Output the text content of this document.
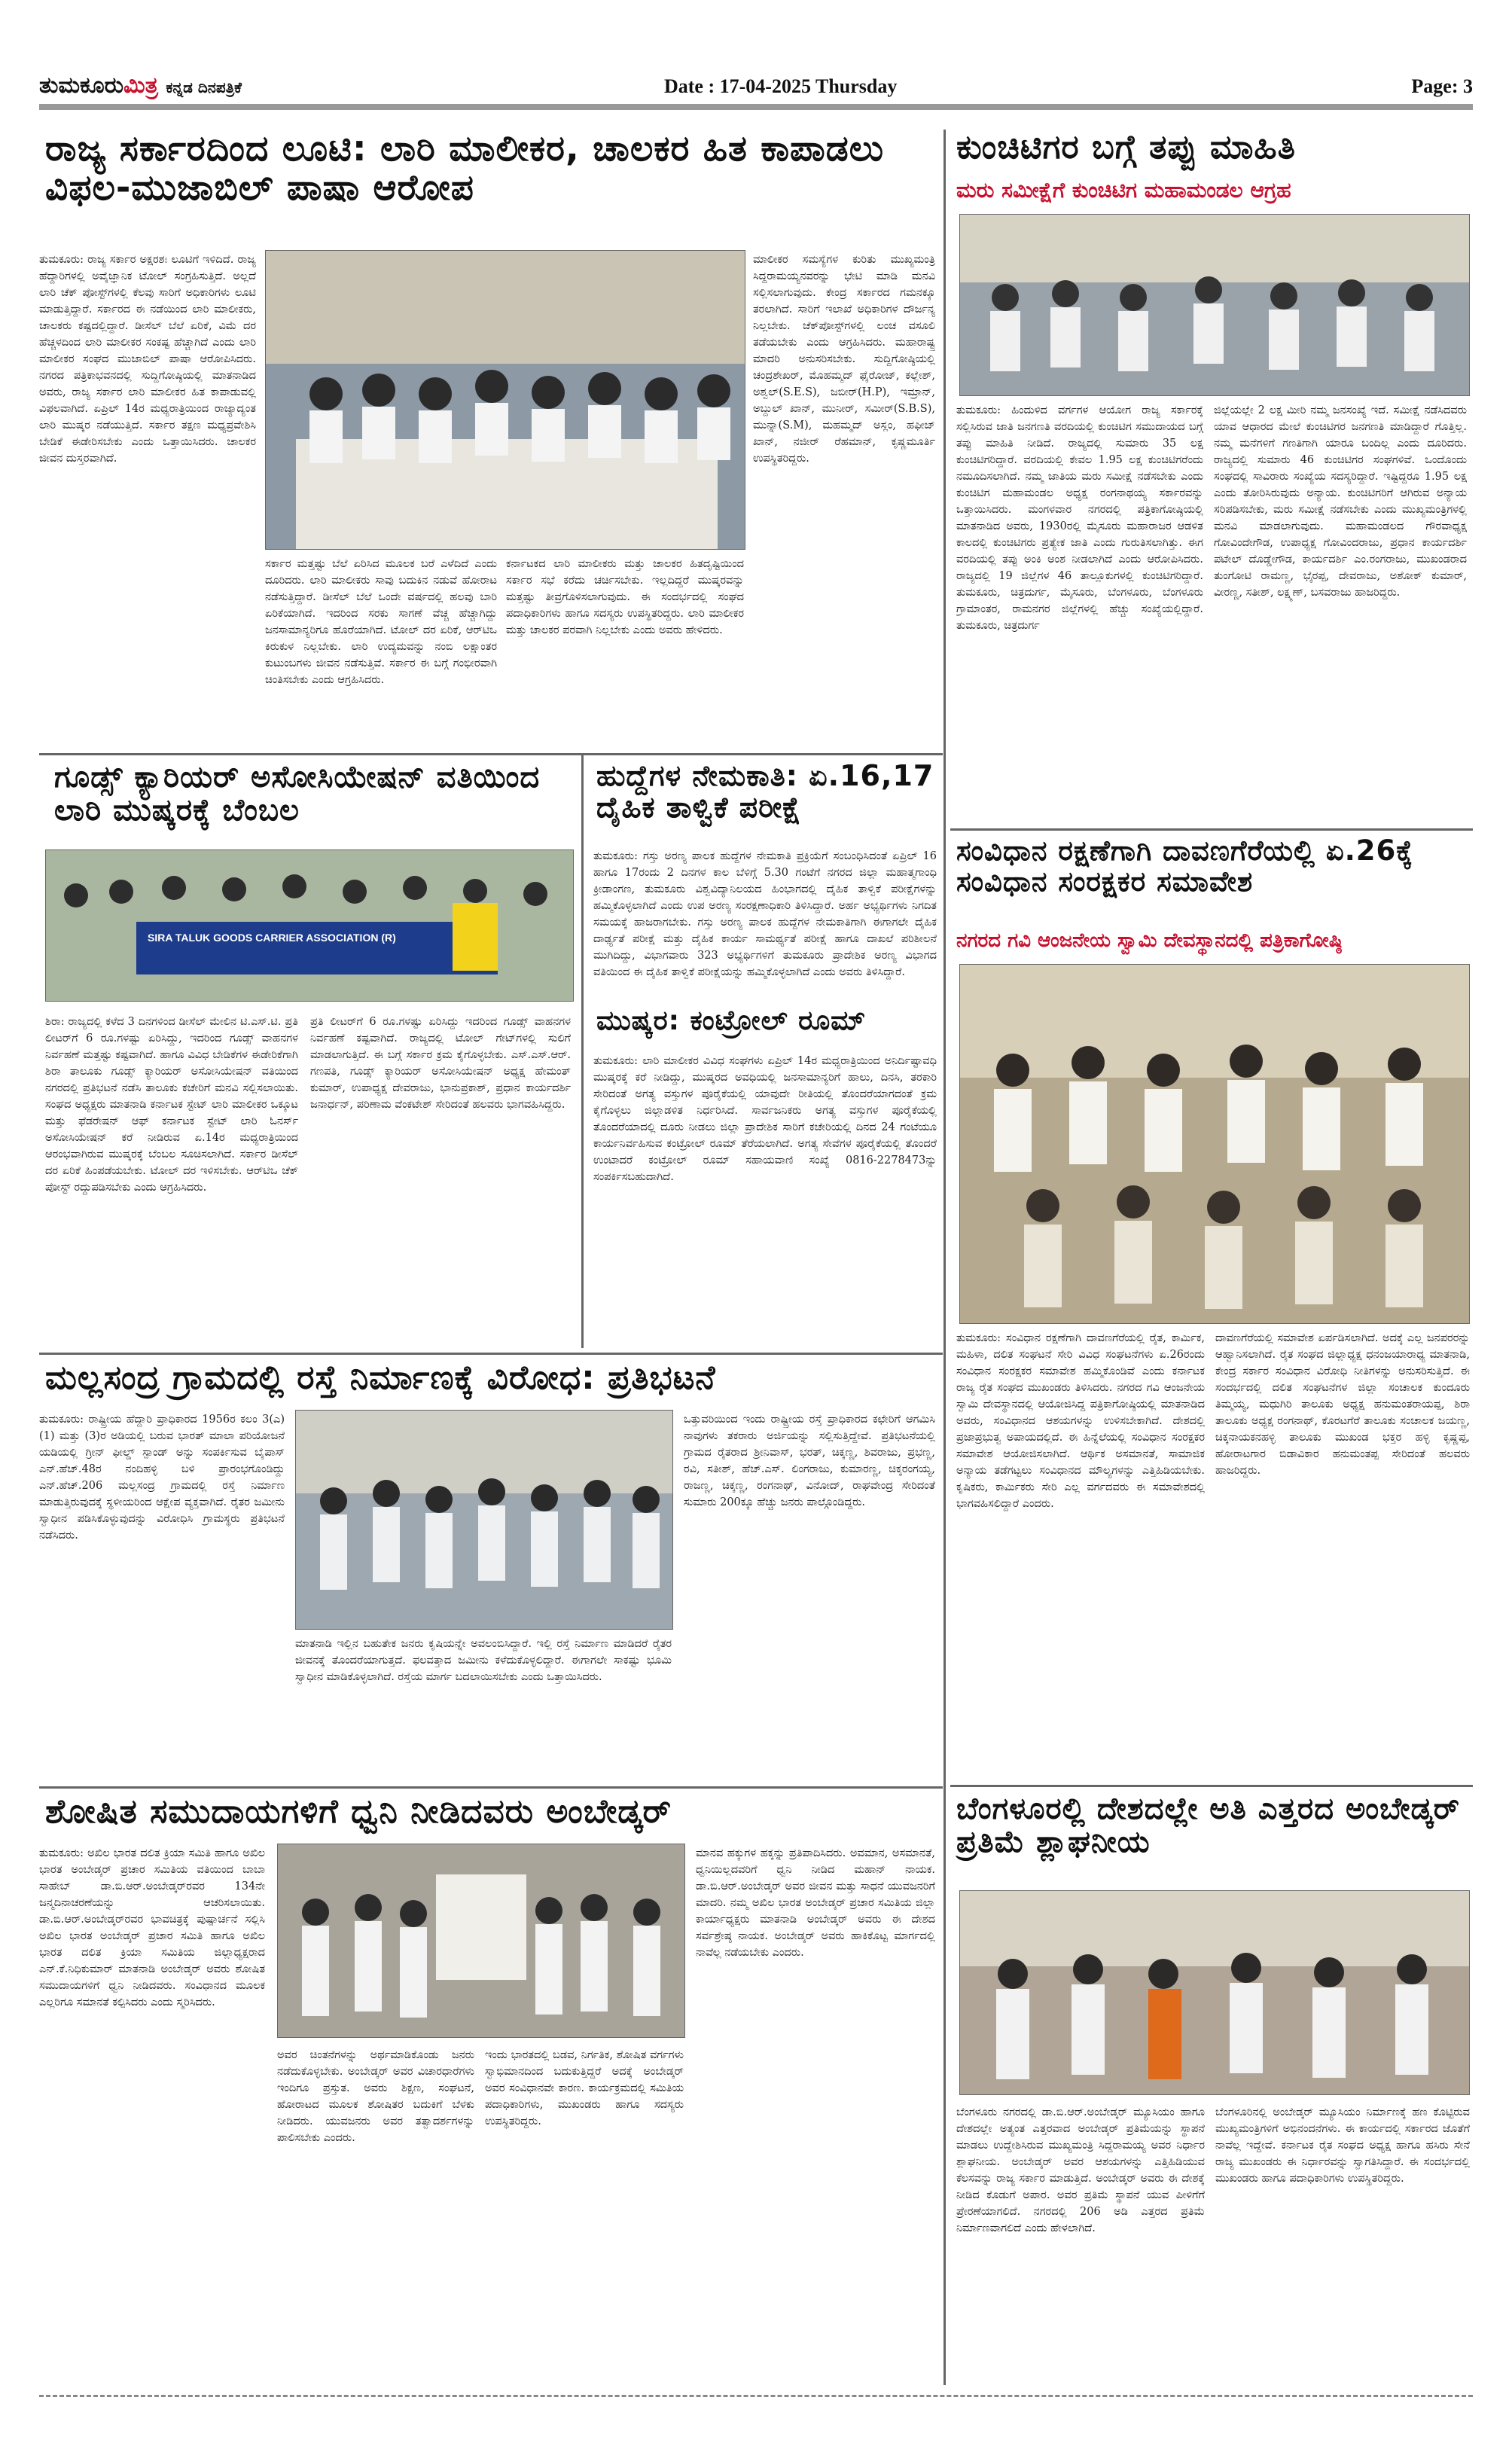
ತುಮಕೂರುಮಿತ್ರ ಕನ್ನಡ ದಿನಪತ್ರಿಕೆ	Date : 17-04-2025 Thursday	Page: 3
ರಾಜ್ಯ ಸರ್ಕಾರದಿಂದ ಲೂಟಿ: ಲಾರಿ ಮಾಲೀಕರ, ಚಾಲಕರ ಹಿತ ಕಾಪಾಡಲು ವಿಫಲ-ಮುಜಾಬಿಲ್ ಪಾಷಾ ಆರೋಪ
ತುಮಕೂರು: ರಾಜ್ಯ ಸರ್ಕಾರ ಅಕ್ಷರಶಃ ಲೂಟಿಗೆ ಇಳಿದಿದೆ. ರಾಜ್ಯ ಹೆದ್ದಾರಿಗಳಲ್ಲಿ ಅವೈಜ್ಞಾನಿಕ ಟೋಲ್ ಸಂಗ್ರಹಿಸುತ್ತಿದೆ. ಅಲ್ಲದೆ ಲಾರಿ ಚೆಕ್ ಪೋಸ್ಟ್‌ಗಳಲ್ಲಿ ಕೆಲವು ಸಾರಿಗೆ ಅಧಿಕಾರಿಗಳು ಲೂಟಿ ಮಾಡುತ್ತಿದ್ದಾರೆ. ಸರ್ಕಾರದ ಈ ನಡೆಯಿಂದ ಲಾರಿ ಮಾಲೀಕರು, ಚಾಲಕರು ಕಷ್ಟದಲ್ಲಿದ್ದಾರೆ. ಡೀಸೆಲ್ ಬೆಲೆ ಏರಿಕೆ, ವಿಮೆ ದರ ಹೆಚ್ಚಳದಿಂದ ಲಾರಿ ಮಾಲೀಕರ ಸಂಕಷ್ಟ ಹೆಚ್ಚಾಗಿದೆ ಎಂದು ಲಾರಿ ಮಾಲೀಕರ ಸಂಘದ ಮುಜಾಬಿಲ್ ಪಾಷಾ ಆರೋಪಿಸಿದರು. ನಗರದ ಪತ್ರಿಕಾಭವನದಲ್ಲಿ ಸುದ್ದಿಗೋಷ್ಠಿಯಲ್ಲಿ ಮಾತನಾಡಿದ ಅವರು, ರಾಜ್ಯ ಸರ್ಕಾರ ಲಾರಿ ಮಾಲೀಕರ ಹಿತ ಕಾಪಾಡುವಲ್ಲಿ ವಿಫಲವಾಗಿದೆ. ಏಪ್ರಿಲ್ 14ರ ಮಧ್ಯರಾತ್ರಿಯಿಂದ ರಾಜ್ಯಾದ್ಯಂತ ಲಾರಿ ಮುಷ್ಕರ ನಡೆಯುತ್ತಿದೆ. ಸರ್ಕಾರ ತಕ್ಷಣ ಮಧ್ಯಪ್ರವೇಶಿಸಿ ಬೇಡಿಕೆ ಈಡೇರಿಸಬೇಕು ಎಂದು ಒತ್ತಾಯಿಸಿದರು. ಚಾಲಕರ ಜೀವನ ದುಸ್ತರವಾಗಿದೆ.
ಸರ್ಕಾರ ಮತ್ತಷ್ಟು ಬೆಲೆ ಏರಿಸಿದ ಮೂಲಕ ಬರೆ ಎಳೆದಿದೆ ಎಂದು ದೂರಿದರು. ಲಾರಿ ಮಾಲೀಕರು ಸಾವು ಬದುಕಿನ ನಡುವೆ ಹೋರಾಟ ನಡೆಸುತ್ತಿದ್ದಾರೆ. ಡೀಸೆಲ್ ಬೆಲೆ ಒಂದೇ ವರ್ಷದಲ್ಲಿ ಹಲವು ಬಾರಿ ಏರಿಕೆಯಾಗಿದೆ. ಇದರಿಂದ ಸರಕು ಸಾಗಣೆ ವೆಚ್ಚ ಹೆಚ್ಚಾಗಿದ್ದು ಜನಸಾಮಾನ್ಯರಿಗೂ ಹೊರೆಯಾಗಿದೆ. ಟೋಲ್ ದರ ಏರಿಕೆ, ಆರ್‌ಟಿಒ ಕಿರುಕುಳ ನಿಲ್ಲಬೇಕು. ಲಾರಿ ಉದ್ಯಮವನ್ನು ನಂಬಿ ಲಕ್ಷಾಂತರ ಕುಟುಂಬಗಳು ಜೀವನ ನಡೆಸುತ್ತಿವೆ. ಸರ್ಕಾರ ಈ ಬಗ್ಗೆ ಗಂಭೀರವಾಗಿ ಚಿಂತಿಸಬೇಕು ಎಂದು ಆಗ್ರಹಿಸಿದರು.
ಕರ್ನಾಟಕದ ಲಾರಿ ಮಾಲೀಕರು ಮತ್ತು ಚಾಲಕರ ಹಿತದೃಷ್ಟಿಯಿಂದ ಸರ್ಕಾರ ಸಭೆ ಕರೆದು ಚರ್ಚಿಸಬೇಕು. ಇಲ್ಲದಿದ್ದರೆ ಮುಷ್ಕರವನ್ನು ಮತ್ತಷ್ಟು ತೀವ್ರಗೊಳಿಸಲಾಗುವುದು. ಈ ಸಂದರ್ಭದಲ್ಲಿ ಸಂಘದ ಪದಾಧಿಕಾರಿಗಳು ಹಾಗೂ ಸದಸ್ಯರು ಉಪಸ್ಥಿತರಿದ್ದರು. ಲಾರಿ ಮಾಲೀಕರ ಮತ್ತು ಚಾಲಕರ ಪರವಾಗಿ ನಿಲ್ಲಬೇಕು ಎಂದು ಅವರು ಹೇಳಿದರು.
ಮಾಲೀಕರ ಸಮಸ್ಯೆಗಳ ಕುರಿತು ಮುಖ್ಯಮಂತ್ರಿ ಸಿದ್ದರಾಮಯ್ಯನವರನ್ನು ಭೇಟಿ ಮಾಡಿ ಮನವಿ ಸಲ್ಲಿಸಲಾಗುವುದು. ಕೇಂದ್ರ ಸರ್ಕಾರದ ಗಮನಕ್ಕೂ ತರಲಾಗಿದೆ. ಸಾರಿಗೆ ಇಲಾಖೆ ಅಧಿಕಾರಿಗಳ ದೌರ್ಜನ್ಯ ನಿಲ್ಲಬೇಕು. ಚೆಕ್‌ಪೋಸ್ಟ್‌ಗಳಲ್ಲಿ ಲಂಚ ವಸೂಲಿ ತಡೆಯಬೇಕು ಎಂದು ಆಗ್ರಹಿಸಿದರು. ಮಹಾರಾಷ್ಟ್ರ ಮಾದರಿ ಅನುಸರಿಸಬೇಕು. ಸುದ್ದಿಗೋಷ್ಠಿಯಲ್ಲಿ ಚಂದ್ರಶೇಖರ್, ಮೊಹಮ್ಮದ್ ಫೈರೋಜ್, ಕಲ್ಲೇಶ್, ಅಶ್ವಲ್(S.E.S), ಜಬೀರ್(H.P), ಇಮ್ರಾನ್, ಅಬ್ದುಲ್ ಖಾನ್, ಮುನೀರ್, ಸಮೀರ್(S.B.S), ಮುನ್ನಾ(S.M), ಮಹಮ್ಮದ್ ಅಸ್ಲಂ, ಹಫೀಜ್ ಖಾನ್, ನಜೀರ್ ರೆಹಮಾನ್, ಕೃಷ್ಣಮೂರ್ತಿ ಉಪಸ್ಥಿತರಿದ್ದರು.
ಕುಂಚಿಟಿಗರ ಬಗ್ಗೆ ತಪ್ಪು ಮಾಹಿತಿ
ಮರು ಸಮೀಕ್ಷೆಗೆ ಕುಂಚಿಟಿಗ ಮಹಾಮಂಡಲ ಆಗ್ರಹ
ತುಮಕೂರು: ಹಿಂದುಳಿದ ವರ್ಗಗಳ ಆಯೋಗ ರಾಜ್ಯ ಸರ್ಕಾರಕ್ಕೆ ಸಲ್ಲಿಸಿರುವ ಜಾತಿ ಜನಗಣತಿ ವರದಿಯಲ್ಲಿ ಕುಂಚಿಟಿಗ ಸಮುದಾಯದ ಬಗ್ಗೆ ತಪ್ಪು ಮಾಹಿತಿ ನೀಡಿದೆ. ರಾಜ್ಯದಲ್ಲಿ ಸುಮಾರು 35 ಲಕ್ಷ ಕುಂಚಿಟಿಗರಿದ್ದಾರೆ. ವರದಿಯಲ್ಲಿ ಕೇವಲ 1.95 ಲಕ್ಷ ಕುಂಚಿಟಿಗರೆಂದು ನಮೂದಿಸಲಾಗಿದೆ. ನಮ್ಮ ಜಾತಿಯ ಮರು ಸಮೀಕ್ಷೆ ನಡೆಸಬೇಕು ಎಂದು ಕುಂಚಿಟಿಗ ಮಹಾಮಂಡಲ ಅಧ್ಯಕ್ಷ ರಂಗನಾಥಯ್ಯ ಸರ್ಕಾರವನ್ನು ಒತ್ತಾಯಿಸಿದರು. ಮಂಗಳವಾರ ನಗರದಲ್ಲಿ ಪತ್ರಿಕಾಗೋಷ್ಠಿಯಲ್ಲಿ ಮಾತನಾಡಿದ ಅವರು, 1930ರಲ್ಲಿ ಮೈಸೂರು ಮಹಾರಾಜರ ಆಡಳಿತ ಕಾಲದಲ್ಲಿ ಕುಂಚಿಟಿಗರು ಪ್ರತ್ಯೇಕ ಜಾತಿ ಎಂದು ಗುರುತಿಸಲಾಗಿತ್ತು. ಈಗ ವರದಿಯಲ್ಲಿ ತಪ್ಪು ಅಂಕಿ ಅಂಶ ನೀಡಲಾಗಿದೆ ಎಂದು ಆರೋಪಿಸಿದರು. ರಾಜ್ಯದಲ್ಲಿ 19 ಜಿಲ್ಲೆಗಳ 46 ತಾಲ್ಲೂಕುಗಳಲ್ಲಿ ಕುಂಚಿಟಿಗರಿದ್ದಾರೆ. ತುಮಕೂರು, ಚಿತ್ರದುರ್ಗ, ಮೈಸೂರು, ಬೆಂಗಳೂರು, ಬೆಂಗಳೂರು ಗ್ರಾಮಾಂತರ, ರಾಮನಗರ ಜಿಲ್ಲೆಗಳಲ್ಲಿ ಹೆಚ್ಚು ಸಂಖ್ಯೆಯಲ್ಲಿದ್ದಾರೆ. ತುಮಕೂರು, ಚಿತ್ರದುರ್ಗ
ಜಿಲ್ಲೆಯಲ್ಲೇ 2 ಲಕ್ಷ ಮೀರಿ ನಮ್ಮ ಜನಸಂಖ್ಯೆ ಇದೆ. ಸಮೀಕ್ಷೆ ನಡೆಸಿದವರು ಯಾವ ಆಧಾರದ ಮೇಲೆ ಕುಂಚಿಟಿಗರ ಜನಗಣತಿ ಮಾಡಿದ್ದಾರೆ ಗೊತ್ತಿಲ್ಲ. ನಮ್ಮ ಮನೆಗಳಿಗೆ ಗಣತಿಗಾಗಿ ಯಾರೂ ಬಂದಿಲ್ಲ ಎಂದು ದೂರಿದರು. ರಾಜ್ಯದಲ್ಲಿ ಸುಮಾರು 46 ಕುಂಚಿಟಿಗರ ಸಂಘಗಳಿವೆ. ಒಂದೊಂದು ಸಂಘದಲ್ಲಿ ಸಾವಿರಾರು ಸಂಖ್ಯೆಯ ಸದಸ್ಯರಿದ್ದಾರೆ. ಇಷ್ಟಿದ್ದರೂ 1.95 ಲಕ್ಷ ಎಂದು ತೋರಿಸಿರುವುದು ಅನ್ಯಾಯ. ಕುಂಚಿಟಿಗರಿಗೆ ಆಗಿರುವ ಅನ್ಯಾಯ ಸರಿಪಡಿಸಬೇಕು, ಮರು ಸಮೀಕ್ಷೆ ನಡೆಸಬೇಕು ಎಂದು ಮುಖ್ಯಮಂತ್ರಿಗಳಲ್ಲಿ ಮನವಿ ಮಾಡಲಾಗುವುದು. ಮಹಾಮಂಡಲದ ಗೌರವಾಧ್ಯಕ್ಷ ಗೋವಿಂದೇಗೌಡ, ಉಪಾಧ್ಯಕ್ಷ ಗೋವಿಂದರಾಜು, ಪ್ರಧಾನ ಕಾರ್ಯದರ್ಶಿ ಪಟೇಲ್ ದೊಡ್ಡೇಗೌಡ, ಕಾರ್ಯದರ್ಶಿ ಎಂ.ರಂಗರಾಜು, ಮುಖಂಡರಾದ ತುಂಗೋಟಿ ರಾಮಣ್ಣ, ಭೈರಪ್ಪ, ದೇವರಾಜು, ಅಶೋಕ್ ಕುಮಾರ್, ವೀರಣ್ಣ, ಸತೀಶ್, ಲಕ್ಷ್ಮಣ್, ಬಸವರಾಜು ಹಾಜರಿದ್ದರು.
ಗೂಡ್ಸ್ ಕ್ಯಾರಿಯರ್ ಅಸೋಸಿಯೇಷನ್ ವತಿಯಿಂದ ಲಾರಿ ಮುಷ್ಕರಕ್ಕೆ ಬೆಂಬಲ
SIRA TALUK GOODS CARRIER ASSOCIATION (R)
ಶಿರಾ: ರಾಜ್ಯದಲ್ಲಿ ಕಳೆದ 3 ದಿನಗಳಿಂದ ಡೀಸೆಲ್ ಮೇಲಿನ ಟಿ.ಎಸ್.ಟಿ. ಪ್ರತಿ ಲೀಟರ್‌ಗೆ 6 ರೂ.ಗಳಷ್ಟು ಏರಿಸಿದ್ದು, ಇದರಿಂದ ಗೂಡ್ಸ್ ವಾಹನಗಳ ನಿರ್ವಹಣೆ ಮತ್ತಷ್ಟು ಕಷ್ಟವಾಗಿದೆ. ಹಾಗೂ ವಿವಿಧ ಬೇಡಿಕೆಗಳ ಈಡೇರಿಕೆಗಾಗಿ ಶಿರಾ ತಾಲೂಕು ಗೂಡ್ಸ್ ಕ್ಯಾರಿಯರ್ ಅಸೋಸಿಯೇಷನ್ ವತಿಯಿಂದ ನಗರದಲ್ಲಿ ಪ್ರತಿಭಟನೆ ನಡೆಸಿ ತಾಲೂಕು ಕಚೇರಿಗೆ ಮನವಿ ಸಲ್ಲಿಸಲಾಯಿತು. ಸಂಘದ ಅಧ್ಯಕ್ಷರು ಮಾತನಾಡಿ ಕರ್ನಾಟಕ ಸ್ಟೇಟ್ ಲಾರಿ ಮಾಲೀಕರ ಒಕ್ಕೂಟ ಮತ್ತು ಫೆಡರೇಷನ್ ಆಫ್ ಕರ್ನಾಟಕ ಸ್ಟೇಟ್ ಲಾರಿ ಓನರ್ಸ್ ಅಸೋಸಿಯೇಷನ್ ಕರೆ ನೀಡಿರುವ ಏ.14ರ ಮಧ್ಯರಾತ್ರಿಯಿಂದ ಆರಂಭವಾಗಿರುವ ಮುಷ್ಕರಕ್ಕೆ ಬೆಂಬಲ ಸೂಚಿಸಲಾಗಿದೆ. ಸರ್ಕಾರ ಡೀಸೆಲ್ ದರ ಏರಿಕೆ ಹಿಂಪಡೆಯಬೇಕು. ಟೋಲ್ ದರ ಇಳಿಸಬೇಕು. ಆರ್‌ಟಿಒ ಚೆಕ್ ಪೋಸ್ಟ್ ರದ್ದುಪಡಿಸಬೇಕು ಎಂದು ಆಗ್ರಹಿಸಿದರು.
ಪ್ರತಿ ಲೀಟರ್‌ಗೆ 6 ರೂ.ಗಳಷ್ಟು ಏರಿಸಿದ್ದು ಇದರಿಂದ ಗೂಡ್ಸ್ ವಾಹನಗಳ ನಿರ್ವಹಣೆ ಕಷ್ಟವಾಗಿದೆ. ರಾಜ್ಯದಲ್ಲಿ ಟೋಲ್ ಗೇಟ್‌ಗಳಲ್ಲಿ ಸುಲಿಗೆ ಮಾಡಲಾಗುತ್ತಿದೆ. ಈ ಬಗ್ಗೆ ಸರ್ಕಾರ ಕ್ರಮ ಕೈಗೊಳ್ಳಬೇಕು. ಎಸ್.ಎಸ್.ಆರ್. ಗಣಪತಿ, ಗೂಡ್ಸ್ ಕ್ಯಾರಿಯರ್ ಅಸೋಸಿಯೇಷನ್ ಅಧ್ಯಕ್ಷ ಹೇಮಂತ್ ಕುಮಾರ್, ಉಪಾಧ್ಯಕ್ಷ ದೇವರಾಜು, ಭಾನುಪ್ರಕಾಶ್, ಪ್ರಧಾನ ಕಾರ್ಯದರ್ಶಿ ಜನಾರ್ಧನ್, ಪರಿಣಾಮ ವೆಂಕಟೇಶ್ ಸೇರಿದಂತೆ ಹಲವರು ಭಾಗವಹಿಸಿದ್ದರು.
ಹುದ್ದೆಗಳ ನೇಮಕಾತಿ: ಏ.16,17 ದೈಹಿಕ ತಾಳ್ವಿಕೆ ಪರೀಕ್ಷೆ
ತುಮಕೂರು: ಗಸ್ತು ಅರಣ್ಯ ಪಾಲಕ ಹುದ್ದೆಗಳ ನೇಮಕಾತಿ ಪ್ರಕ್ರಿಯೆಗೆ ಸಂಬಂಧಿಸಿದಂತೆ ಏಪ್ರಿಲ್ 16 ಹಾಗೂ 17ರಂದು 2 ದಿನಗಳ ಕಾಲ ಬೆಳಿಗ್ಗೆ 5.30 ಗಂಟೆಗೆ ನಗರದ ಜಿಲ್ಲಾ ಮಹಾತ್ಮಗಾಂಧಿ ಕ್ರೀಡಾಂಗಣ, ತುಮಕೂರು ವಿಶ್ವವಿದ್ಯಾನಿಲಯದ ಹಿಂಭಾಗದಲ್ಲಿ ದೈಹಿಕ ತಾಳ್ವಿಕೆ ಪರೀಕ್ಷೆಗಳನ್ನು ಹಮ್ಮಿಕೊಳ್ಳಲಾಗಿದೆ ಎಂದು ಉಪ ಅರಣ್ಯ ಸಂರಕ್ಷಣಾಧಿಕಾರಿ ತಿಳಿಸಿದ್ದಾರೆ. ಅರ್ಹ ಅಭ್ಯರ್ಥಿಗಳು ನಿಗದಿತ ಸಮಯಕ್ಕೆ ಹಾಜರಾಗಬೇಕು. ಗಸ್ತು ಅರಣ್ಯ ಪಾಲಕ ಹುದ್ದೆಗಳ ನೇಮಕಾತಿಗಾಗಿ ಈಗಾಗಲೇ ದೈಹಿಕ ದಾರ್ಢ್ಯತೆ ಪರೀಕ್ಷೆ ಮತ್ತು ದೈಹಿಕ ಕಾರ್ಯ ಸಾಮರ್ಥ್ಯತೆ ಪರೀಕ್ಷೆ ಹಾಗೂ ದಾಖಲೆ ಪರಿಶೀಲನೆ ಮುಗಿದಿದ್ದು, ವಿಭಾಗವಾರು 323 ಅಭ್ಯರ್ಥಿಗಳಿಗೆ ತುಮಕೂರು ಪ್ರಾದೇಶಿಕ ಅರಣ್ಯ ವಿಭಾಗದ ವತಿಯಿಂದ ಈ ದೈಹಿಕ ತಾಳ್ವಿಕೆ ಪರೀಕ್ಷೆಯನ್ನು ಹಮ್ಮಿಕೊಳ್ಳಲಾಗಿದೆ ಎಂದು ಅವರು ತಿಳಿಸಿದ್ದಾರೆ.
ಮುಷ್ಕರ: ಕಂಟ್ರೋಲ್ ರೂಮ್
ತುಮಕೂರು: ಲಾರಿ ಮಾಲೀಕರ ವಿವಿಧ ಸಂಘಗಳು ಏಪ್ರಿಲ್ 14ರ ಮಧ್ಯರಾತ್ರಿಯಿಂದ ಅನಿರ್ದಿಷ್ಟಾವಧಿ ಮುಷ್ಕರಕ್ಕೆ ಕರೆ ನೀಡಿದ್ದು, ಮುಷ್ಕರದ ಅವಧಿಯಲ್ಲಿ ಜನಸಾಮಾನ್ಯರಿಗೆ ಹಾಲು, ದಿನಸಿ, ತರಕಾರಿ ಸೇರಿದಂತೆ ಅಗತ್ಯ ವಸ್ತುಗಳ ಪೂರೈಕೆಯಲ್ಲಿ ಯಾವುದೇ ರೀತಿಯಲ್ಲಿ ತೊಂದರೆಯಾಗದಂತೆ ಕ್ರಮ ಕೈಗೊಳ್ಳಲು ಜಿಲ್ಲಾಡಳಿತ ನಿರ್ಧರಿಸಿದೆ. ಸಾರ್ವಜನಿಕರು ಅಗತ್ಯ ವಸ್ತುಗಳ ಪೂರೈಕೆಯಲ್ಲಿ ತೊಂದರೆಯಾದಲ್ಲಿ ದೂರು ನೀಡಲು ಜಿಲ್ಲಾ ಪ್ರಾದೇಶಿಕ ಸಾರಿಗೆ ಕಚೇರಿಯಲ್ಲಿ ದಿನದ 24 ಗಂಟೆಯೂ ಕಾರ್ಯನಿರ್ವಹಿಸುವ ಕಂಟ್ರೋಲ್ ರೂಮ್ ತೆರೆಯಲಾಗಿದೆ. ಅಗತ್ಯ ಸೇವೆಗಳ ಪೂರೈಕೆಯಲ್ಲಿ ತೊಂದರೆ ಉಂಟಾದರೆ ಕಂಟ್ರೋಲ್ ರೂಮ್ ಸಹಾಯವಾಣಿ ಸಂಖ್ಯೆ 0816-2278473ನ್ನು ಸಂಪರ್ಕಿಸಬಹುದಾಗಿದೆ.
ಸಂವಿಧಾನ ರಕ್ಷಣೆಗಾಗಿ ದಾವಣಗೆರೆಯಲ್ಲಿ ಏ.26ಕ್ಕೆ ಸಂವಿಧಾನ ಸಂರಕ್ಷಕರ ಸಮಾವೇಶ
ನಗರದ ಗವಿ ಆಂಜನೇಯ ಸ್ವಾಮಿ ದೇವಸ್ಥಾನದಲ್ಲಿ ಪತ್ರಿಕಾಗೋಷ್ಠಿ
ತುಮಕೂರು: ಸಂವಿಧಾನ ರಕ್ಷಣೆಗಾಗಿ ದಾವಣಗೆರೆಯಲ್ಲಿ ರೈತ, ಕಾರ್ಮಿಕ, ಮಹಿಳಾ, ದಲಿತ ಸಂಘಟನೆ ಸೇರಿ ವಿವಿಧ ಸಂಘಟನೆಗಳು ಏ.26ರಂದು ಸಂವಿಧಾನ ಸಂರಕ್ಷಕರ ಸಮಾವೇಶ ಹಮ್ಮಿಕೊಂಡಿವೆ ಎಂದು ಕರ್ನಾಟಕ ರಾಜ್ಯ ರೈತ ಸಂಘದ ಮುಖಂಡರು ತಿಳಿಸಿದರು. ನಗರದ ಗವಿ ಆಂಜನೇಯ ಸ್ವಾಮಿ ದೇವಸ್ಥಾನದಲ್ಲಿ ಆಯೋಜಿಸಿದ್ದ ಪತ್ರಿಕಾಗೋಷ್ಠಿಯಲ್ಲಿ ಮಾತನಾಡಿದ ಅವರು, ಸಂವಿಧಾನದ ಆಶಯಗಳನ್ನು ಉಳಿಸಬೇಕಾಗಿದೆ. ದೇಶದಲ್ಲಿ ಪ್ರಜಾಪ್ರಭುತ್ವ ಅಪಾಯದಲ್ಲಿದೆ. ಈ ಹಿನ್ನೆಲೆಯಲ್ಲಿ ಸಂವಿಧಾನ ಸಂರಕ್ಷಕರ ಸಮಾವೇಶ ಆಯೋಜಿಸಲಾಗಿದೆ. ಆರ್ಥಿಕ ಅಸಮಾನತೆ, ಸಾಮಾಜಿಕ ಅನ್ಯಾಯ ತಡೆಗಟ್ಟಲು ಸಂವಿಧಾನದ ಮೌಲ್ಯಗಳನ್ನು ಎತ್ತಿಹಿಡಿಯಬೇಕು. ಕೃಷಿಕರು, ಕಾರ್ಮಿಕರು ಸೇರಿ ಎಲ್ಲ ವರ್ಗದವರು ಈ ಸಮಾವೇಶದಲ್ಲಿ ಭಾಗವಹಿಸಲಿದ್ದಾರೆ ಎಂದರು.
ದಾವಣಗೆರೆಯಲ್ಲಿ ಸಮಾವೇಶ ಏರ್ಪಡಿಸಲಾಗಿದೆ. ಅದಕ್ಕೆ ಎಲ್ಲ ಜನಪರರನ್ನು ಆಹ್ವಾನಿಸಲಾಗಿದೆ. ರೈತ ಸಂಘದ ಜಿಲ್ಲಾಧ್ಯಕ್ಷ ಧನಂಜಯಾರಾಧ್ಯ ಮಾತನಾಡಿ, ಕೇಂದ್ರ ಸರ್ಕಾರ ಸಂವಿಧಾನ ವಿರೋಧಿ ನೀತಿಗಳನ್ನು ಅನುಸರಿಸುತ್ತಿದೆ. ಈ ಸಂದರ್ಭದಲ್ಲಿ ದಲಿತ ಸಂಘಟನೆಗಳ ಜಿಲ್ಲಾ ಸಂಚಾಲಕ ಕುಂದೂರು ತಿಮ್ಮಯ್ಯ, ಮಧುಗಿರಿ ತಾಲೂಕು ಅಧ್ಯಕ್ಷ ಹನುಮಂತರಾಯಪ್ಪ, ಶಿರಾ ತಾಲೂಕು ಅಧ್ಯಕ್ಷ ರಂಗನಾಥ್, ಕೊರಟಗೆರೆ ತಾಲೂಕು ಸಂಚಾಲಕ ಜಯಣ್ಣ, ಚಿಕ್ಕನಾಯಕನಹಳ್ಳಿ ತಾಲೂಕು ಮುಖಂಡ ಭಕ್ತರ ಹಳ್ಳಿ ಕೃಷ್ಣಪ್ಪ, ಹೋರಾಟಗಾರ ಬಿಡಾವಿಕಾರ ಹನುಮಂತಪ್ಪ ಸೇರಿದಂತೆ ಹಲವರು ಹಾಜರಿದ್ದರು.
ಮಲ್ಲಸಂದ್ರ ಗ್ರಾಮದಲ್ಲಿ ರಸ್ತೆ ನಿರ್ಮಾಣಕ್ಕೆ ವಿರೋಧ: ಪ್ರತಿಭಟನೆ
ತುಮಕೂರು: ರಾಷ್ಟ್ರೀಯ ಹೆದ್ದಾರಿ ಪ್ರಾಧಿಕಾರದ 1956ರ ಕಲಂ 3(ಎ)(1) ಮತ್ತು (3)ರ ಅಡಿಯಲ್ಲಿ ಬರುವ ಭಾರತ್ ಮಾಲಾ ಪರಿಯೋಜನೆ ಯಡಿಯಲ್ಲಿ ಗ್ರೀನ್ ಫೀಲ್ಡ್ ಸ್ಪಾಂಡ್ ಅನ್ನು ಸಂಪರ್ಕಿಸುವ ಬೈಪಾಸ್ ಎನ್.ಹೆಚ್.48ರ ನಂದಿಹಳ್ಳಿ ಬಳಿ ಪ್ರಾರಂಭಗೊಂಡಿದ್ದು ಎನ್.ಹೆಚ್.206 ಮಲ್ಲಸಂದ್ರ ಗ್ರಾಮದಲ್ಲಿ ರಸ್ತೆ ನಿರ್ಮಾಣ ಮಾಡುತ್ತಿರುವುದಕ್ಕೆ ಸ್ಥಳೀಯರಿಂದ ಆಕ್ಷೇಪ ವ್ಯಕ್ತವಾಗಿದೆ. ರೈತರ ಜಮೀನು ಸ್ವಾಧೀನ ಪಡಿಸಿಕೊಳ್ಳುವುದನ್ನು ವಿರೋಧಿಸಿ ಗ್ರಾಮಸ್ಥರು ಪ್ರತಿಭಟನೆ ನಡೆಸಿದರು.
ಮಾತನಾಡಿ ಇಲ್ಲಿನ ಬಹುತೇಕ ಜನರು ಕೃಷಿಯನ್ನೇ ಅವಲಂಬಿಸಿದ್ದಾರೆ. ಇಲ್ಲಿ ರಸ್ತೆ ನಿರ್ಮಾಣ ಮಾಡಿದರೆ ರೈತರ ಜೀವನಕ್ಕೆ ತೊಂದರೆಯಾಗುತ್ತದೆ. ಫಲವತ್ತಾದ ಜಮೀನು ಕಳೆದುಕೊಳ್ಳಲಿದ್ದಾರೆ. ಈಗಾಗಲೇ ಸಾಕಷ್ಟು ಭೂಮಿ ಸ್ವಾಧೀನ ಮಾಡಿಕೊಳ್ಳಲಾಗಿದೆ. ರಸ್ತೆಯ ಮಾರ್ಗ ಬದಲಾಯಿಸಬೇಕು ಎಂದು ಒತ್ತಾಯಿಸಿದರು.
ಒತ್ತುವರಿಯಿಂದ ಇಂದು ರಾಷ್ಟ್ರೀಯ ರಸ್ತೆ ಪ್ರಾಧಿಕಾರದ ಕಛೇರಿಗೆ ಆಗಮಿಸಿ ನಾವುಗಳು ತಕರಾರು ಅರ್ಜಿಯನ್ನು ಸಲ್ಲಿಸುತ್ತಿದ್ದೇವೆ. ಪ್ರತಿಭಟನೆಯಲ್ಲಿ ಗ್ರಾಮದ ರೈತರಾದ ಶ್ರೀನಿವಾಸ್, ಭರತ್, ಚಿಕ್ಕಣ್ಣ, ಶಿವರಾಜು, ಪ್ರಭಣ್ಣ, ರವಿ, ಸತೀಶ್, ಹೆಚ್.ಎಸ್. ಲಿಂಗರಾಜು, ಕುಮಾರಣ್ಣ, ಚಿಕ್ಕರಂಗಯ್ಯ, ರಾಜಣ್ಣ, ಚಿಕ್ಕಣ್ಣ, ರಂಗನಾಥ್, ವಿನೋದ್, ರಾಘವೇಂದ್ರ ಸೇರಿದಂತೆ ಸುಮಾರು 200ಕ್ಕೂ ಹೆಚ್ಚು ಜನರು ಪಾಲ್ಗೊಂಡಿದ್ದರು.
ಶೋಷಿತ ಸಮುದಾಯಗಳಿಗೆ ಧ್ವನಿ ನೀಡಿದವರು ಅಂಬೇಡ್ಕರ್
ತುಮಕೂರು: ಅಖಿಲ ಭಾರತ ದಲಿತ ಕ್ರಿಯಾ ಸಮಿತಿ ಹಾಗೂ ಅಖಿಲ ಭಾರತ ಅಂಬೇಡ್ಕರ್ ಪ್ರಚಾರ ಸಮಿತಿಯ ವತಿಯಿಂದ ಬಾಬಾ ಸಾಹೇಬ್ ಡಾ.ಬಿ.ಆರ್.ಅಂಬೇಡ್ಕರ್‌ರವರ 134ನೇ ಜನ್ಮದಿನಾಚರಣೆಯನ್ನು ಆಚರಿಸಲಾಯಿತು. ಡಾ.ಬಿ.ಆರ್.ಅಂಬೇಡ್ಕರ್‌ರವರ ಭಾವಚಿತ್ರಕ್ಕೆ ಪುಷ್ಪಾರ್ಚನೆ ಸಲ್ಲಿಸಿ ಅಖಿಲ ಭಾರತ ಅಂಬೇಡ್ಕರ್ ಪ್ರಚಾರ ಸಮಿತಿ ಹಾಗೂ ಅಖಿಲ ಭಾರತ ದಲಿತ ಕ್ರಿಯಾ ಸಮಿತಿಯ ಜಿಲ್ಲಾಧ್ಯಕ್ಷರಾದ ಎನ್.ಕೆ.ನಿಧಿಕುಮಾರ್ ಮಾತನಾಡಿ ಅಂಬೇಡ್ಕರ್ ಅವರು ಶೋಷಿತ ಸಮುದಾಯಗಳಿಗೆ ಧ್ವನಿ ನೀಡಿದವರು. ಸಂವಿಧಾನದ ಮೂಲಕ ಎಲ್ಲರಿಗೂ ಸಮಾನತೆ ಕಲ್ಪಿಸಿದರು ಎಂದು ಸ್ಮರಿಸಿದರು.
ಅವರ ಚಿಂತನೆಗಳನ್ನು ಅರ್ಥಮಾಡಿಕೊಂಡು ಜನರು ನಡೆದುಕೊಳ್ಳಬೇಕು. ಅಂಬೇಡ್ಕರ್ ಅವರ ವಿಚಾರಧಾರೆಗಳು ಇಂದಿಗೂ ಪ್ರಸ್ತುತ. ಅವರು ಶಿಕ್ಷಣ, ಸಂಘಟನೆ, ಹೋರಾಟದ ಮೂಲಕ ಶೋಷಿತರ ಬದುಕಿಗೆ ಬೆಳಕು ನೀಡಿದರು. ಯುವಜನರು ಅವರ ತತ್ವಾದರ್ಶಗಳನ್ನು ಪಾಲಿಸಬೇಕು ಎಂದರು.
ಇಂದು ಭಾರತದಲ್ಲಿ ಬಡವ, ನಿರ್ಗತಿಕ, ಶೋಷಿತ ವರ್ಗಗಳು ಸ್ವಾಭಿಮಾನದಿಂದ ಬದುಕುತ್ತಿದ್ದರೆ ಅದಕ್ಕೆ ಅಂಬೇಡ್ಕರ್ ಅವರ ಸಂವಿಧಾನವೇ ಕಾರಣ. ಕಾರ್ಯಕ್ರಮದಲ್ಲಿ ಸಮಿತಿಯ ಪದಾಧಿಕಾರಿಗಳು, ಮುಖಂಡರು ಹಾಗೂ ಸದಸ್ಯರು ಉಪಸ್ಥಿತರಿದ್ದರು.
ಮಾನವ ಹಕ್ಕುಗಳ ಹಕ್ಕನ್ನು ಪ್ರತಿಪಾದಿಸಿದರು. ಅವಮಾನ, ಅಸಮಾನತೆ, ಧ್ವನಿಯಿಲ್ಲದವರಿಗೆ ಧ್ವನಿ ನೀಡಿದ ಮಹಾನ್ ನಾಯಕ. ಡಾ.ಬಿ.ಆರ್.ಅಂಬೇಡ್ಕರ್ ಅವರ ಜೀವನ ಮತ್ತು ಸಾಧನೆ ಯುವಜನರಿಗೆ ಮಾದರಿ. ನಮ್ಮ ಅಖಿಲ ಭಾರತ ಅಂಬೇಡ್ಕರ್ ಪ್ರಚಾರ ಸಮಿತಿಯ ಜಿಲ್ಲಾ ಕಾರ್ಯಾಧ್ಯಕ್ಷರು ಮಾತನಾಡಿ ಅಂಬೇಡ್ಕರ್ ಅವರು ಈ ದೇಶದ ಸರ್ವಶ್ರೇಷ್ಠ ನಾಯಕ. ಅಂಬೇಡ್ಕರ್ ಅವರು ಹಾಕಿಕೊಟ್ಟ ಮಾರ್ಗದಲ್ಲಿ ನಾವೆಲ್ಲ ನಡೆಯಬೇಕು ಎಂದರು.
ಬೆಂಗಳೂರಲ್ಲಿ ದೇಶದಲ್ಲೇ ಅತಿ ಎತ್ತರದ ಅಂಬೇಡ್ಕರ್ ಪ್ರತಿಮೆ ಶ್ಲಾಘನೀಯ
ಬೆಂಗಳೂರು ನಗರದಲ್ಲಿ ಡಾ.ಬಿ.ಆರ್.ಅಂಬೇಡ್ಕರ್ ಮ್ಯೂಸಿಯಂ ಹಾಗೂ ದೇಶದಲ್ಲೇ ಅತ್ಯಂತ ಎತ್ತರವಾದ ಅಂಬೇಡ್ಕರ್ ಪ್ರತಿಮೆಯನ್ನು ಸ್ಥಾಪನೆ ಮಾಡಲು ಉದ್ದೇಶಿಸಿರುವ ಮುಖ್ಯಮಂತ್ರಿ ಸಿದ್ದರಾಮಯ್ಯ ಅವರ ನಿರ್ಧಾರ ಶ್ಲಾಘನೀಯ. ಅಂಬೇಡ್ಕರ್ ಅವರ ಆಶಯಗಳನ್ನು ಎತ್ತಿಹಿಡಿಯುವ ಕೆಲಸವನ್ನು ರಾಜ್ಯ ಸರ್ಕಾರ ಮಾಡುತ್ತಿದೆ. ಅಂಬೇಡ್ಕರ್ ಅವರು ಈ ದೇಶಕ್ಕೆ ನೀಡಿದ ಕೊಡುಗೆ ಅಪಾರ. ಅವರ ಪ್ರತಿಮೆ ಸ್ಥಾಪನೆ ಯುವ ಪೀಳಿಗೆಗೆ ಪ್ರೇರಣೆಯಾಗಲಿದೆ. ನಗರದಲ್ಲಿ 206 ಅಡಿ ಎತ್ತರದ ಪ್ರತಿಮೆ ನಿರ್ಮಾಣವಾಗಲಿದೆ ಎಂದು ಹೇಳಲಾಗಿದೆ.
ಬೆಂಗಳೂರಿನಲ್ಲಿ ಅಂಬೇಡ್ಕರ್ ಮ್ಯೂಸಿಯಂ ನಿರ್ಮಾಣಕ್ಕೆ ಹಣ ಕೊಟ್ಟಿರುವ ಮುಖ್ಯಮಂತ್ರಿಗಳಿಗೆ ಅಭಿನಂದನೆಗಳು. ಈ ಕಾರ್ಯದಲ್ಲಿ ಸರ್ಕಾರದ ಜೊತೆಗೆ ನಾವೆಲ್ಲ ಇದ್ದೇವೆ. ಕರ್ನಾಟಕ ರೈತ ಸಂಘದ ಅಧ್ಯಕ್ಷ ಹಾಗೂ ಹಸಿರು ಸೇನೆ ರಾಜ್ಯ ಮುಖಂಡರು ಈ ನಿರ್ಧಾರವನ್ನು ಸ್ವಾಗತಿಸಿದ್ದಾರೆ. ಈ ಸಂದರ್ಭದಲ್ಲಿ ಮುಖಂಡರು ಹಾಗೂ ಪದಾಧಿಕಾರಿಗಳು ಉಪಸ್ಥಿತರಿದ್ದರು.
